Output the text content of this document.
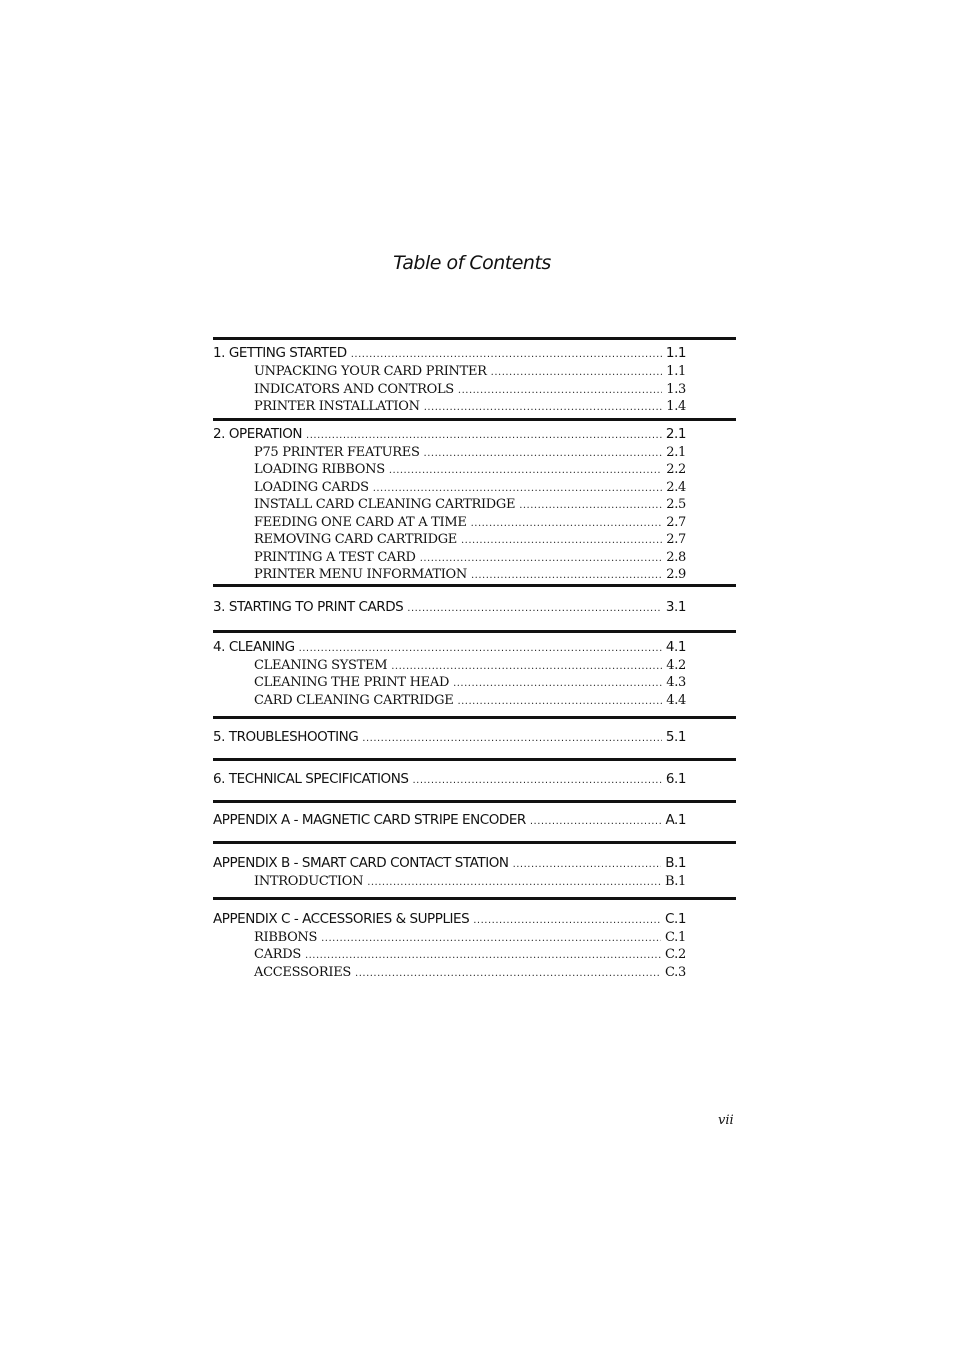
Table of Contents
1. GETTING STARTED .....	1.1
UNPACKING YOUR CARD PRINTER .....	1.1
INDICATORS AND CONTROLS .....	1.3
PRINTER INSTALLATION .....	1.4
2. OPERATION .....	2.1
P75 PRINTER FEATURES .....	2.1
LOADING RIBBONS .....	2.2
LOADING CARDS .....	2.4
INSTALL CARD CLEANING CARTRIDGE .....	2.5
FEEDING ONE CARD AT A TIME .....	2.7
REMOVING CARD CARTRIDGE .....	2.7
PRINTING A TEST CARD .....	2.8
PRINTER MENU INFORMATION .....	2.9
3. STARTING TO PRINT CARDS .....	3.1
4. CLEANING .....	4.1
CLEANING SYSTEM .....	4.2
CLEANING THE PRINT HEAD .....	4.3
CARD CLEANING CARTRIDGE .....	4.4
5. TROUBLESHOOTING .....	5.1
6. TECHNICAL SPECIFICATIONS .....	6.1
APPENDIX A - MAGNETIC CARD STRIPE ENCODER .....	A.1
APPENDIX B - SMART CARD CONTACT STATION .....	B.1
INTRODUCTION .....	B.1
APPENDIX C - ACCESSORIES & SUPPLIES .....	C.1
RIBBONS .....	C.1
CARDS .....	C.2
ACCESSORIES .....	C.3
vii
